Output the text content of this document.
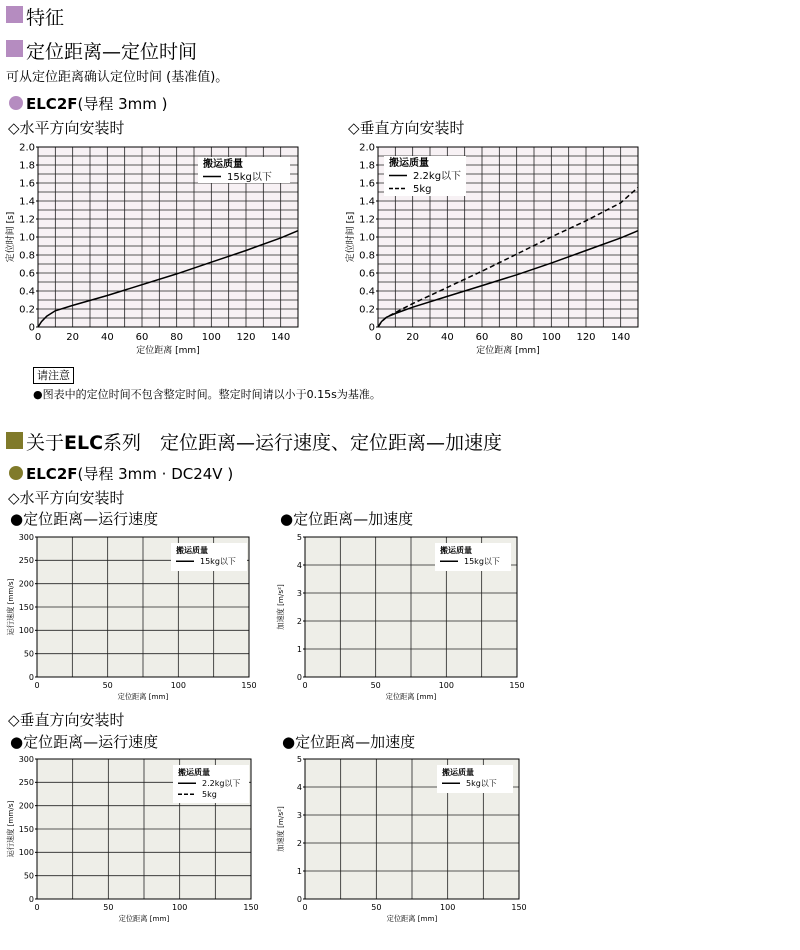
特征
定位距离—定位时间
可从定位距离确认定位时间 (基准值)。
ELC2F(导程 3mm )
◇水平方向安装时	◇垂直方向安装时
0
0.2
0.4
0.6
0.8
1.0
1.2
1.4
1.6
1.8
2.0
0	20 40 60 80 100 120 140
定位距离 [mm]
定位时间 [s]
搬运质量
15kg以下
0
0.2
0.4
0.6
0.8
1.0
1.2
1.4
1.6
1.8
2.0
0	20 40 60 80 100 120 140
定位距离 [mm]
定位时间 [s]
搬运质量
2.2kg以下
5kg
请注意
●图表中的定位时间不包含整定时间。整定时间请以小于0.15s为基准。
关于ELC系列　定位距离—运行速度、定位距离—加速度
ELC2F(导程 3mm · DC24V )
◇水平方向安装时
●定位距离—运行速度	●定位距离—加速度
0
50
100
150
200
250
300
0	50	100	150
定位距离 [mm]
运行速度 [mm/s]
搬运质量
15kg以下
0
1
2
3
4
5
0	50	100	150
定位距离 [mm]
加速度 [m/s²]
搬运质量
15kg以下
◇垂直方向安装时
●定位距离—运行速度	●定位距离—加速度
0
50
100
150
200
250
300
0	50	100	150
定位距离 [mm]
运行速度 [mm/s]
搬运质量
2.2kg以下
5kg
0
1
2
3
4
5
0	50	100	150
定位距离 [mm]
加速度 [m/s²]
搬运质量
5kg以下
